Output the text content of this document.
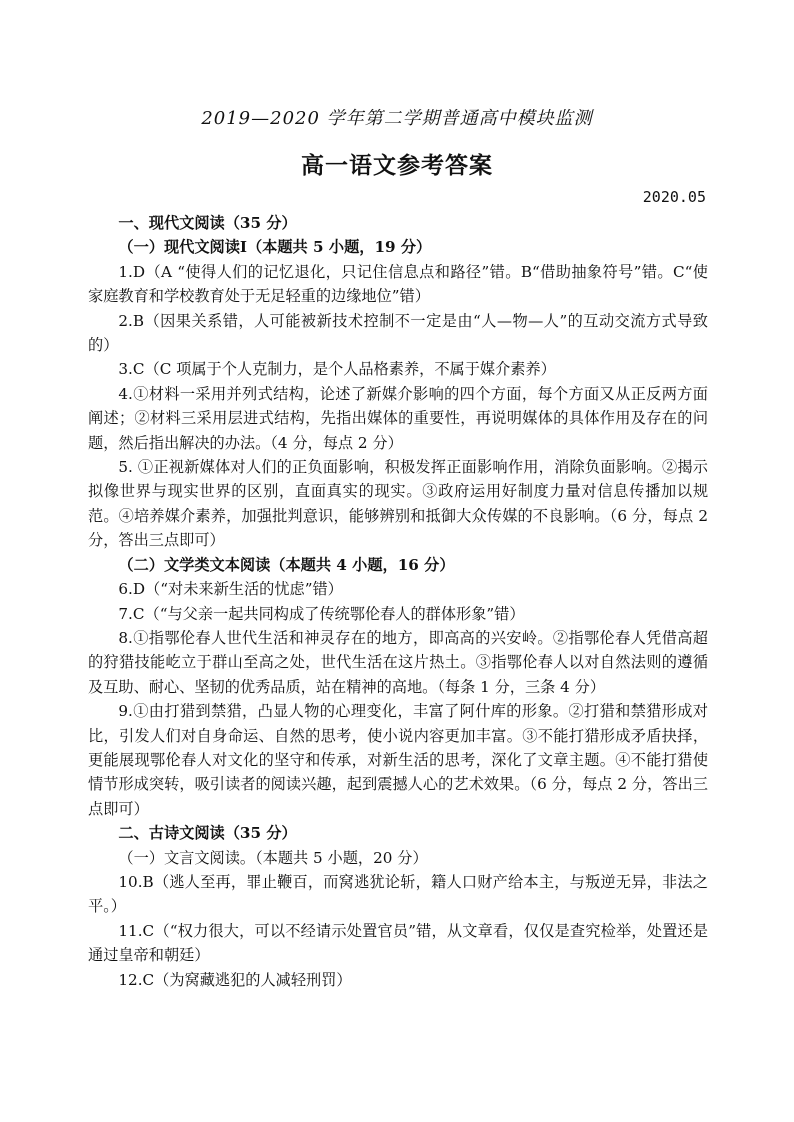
2019—2020 学年第二学期普通高中模块监测
高一语文参考答案
2020.05

一、现代文阅读（35 分）

（一）现代文阅读Ⅰ（本题共 5 小题，19 分）

1.D（A “使得人们的记忆退化，只记住信息点和路径”错。B“借助抽象符号”错。C“使家庭教育和学校教育处于无足轻重的边缘地位”错）

2.B（因果关系错，人可能被新技术控制不一定是由“人—物—人”的互动交流方式导致的）

3.C（C 项属于个人克制力，是个人品格素养，不属于媒介素养）

4.①材料一采用并列式结构，论述了新媒介影响的四个方面，每个方面又从正反两方面阐述；②材料三采用层进式结构，先指出媒体的重要性，再说明媒体的具体作用及存在的问题，然后指出解决的办法。（4 分，每点 2 分）

5. ①正视新媒体对人们的正负面影响，积极发挥正面影响作用，消除负面影响。②揭示拟像世界与现实世界的区别，直面真实的现实。③政府运用好制度力量对信息传播加以规范。④培养媒介素养，加强批判意识，能够辨别和抵御大众传媒的不良影响。（6 分，每点 2 分，答出三点即可）

（二）文学类文本阅读（本题共 4 小题，16 分）

6.D（“对未来新生活的忧虑”错）

7.C（“与父亲一起共同构成了传统鄂伦春人的群体形象”错）

8.①指鄂伦春人世代生活和神灵存在的地方，即高高的兴安岭。②指鄂伦春人凭借高超的狩猎技能屹立于群山至高之处，世代生活在这片热土。③指鄂伦春人以对自然法则的遵循及互助、耐心、坚韧的优秀品质，站在精神的高地。（每条 1 分，三条 4 分）

9.①由打猎到禁猎，凸显人物的心理变化，丰富了阿什库的形象。②打猎和禁猎形成对比，引发人们对自身命运、自然的思考，使小说内容更加丰富。③不能打猎形成矛盾抉择，更能展现鄂伦春人对文化的坚守和传承，对新生活的思考，深化了文章主题。④不能打猎使情节形成突转，吸引读者的阅读兴趣，起到震撼人心的艺术效果。（6 分，每点 2 分，答出三点即可）

二、古诗文阅读（35 分）

（一）文言文阅读。（本题共 5 小题，20 分）

10.B（逃人至再，罪止鞭百，而窝逃犹论斩，籍人口财产给本主，与叛逆无异，非法之平。）

11.C（“权力很大，可以不经请示处置官员”错，从文章看，仅仅是查究检举，处置还是通过皇帝和朝廷）

12.C（为窝藏逃犯的人减轻刑罚）
